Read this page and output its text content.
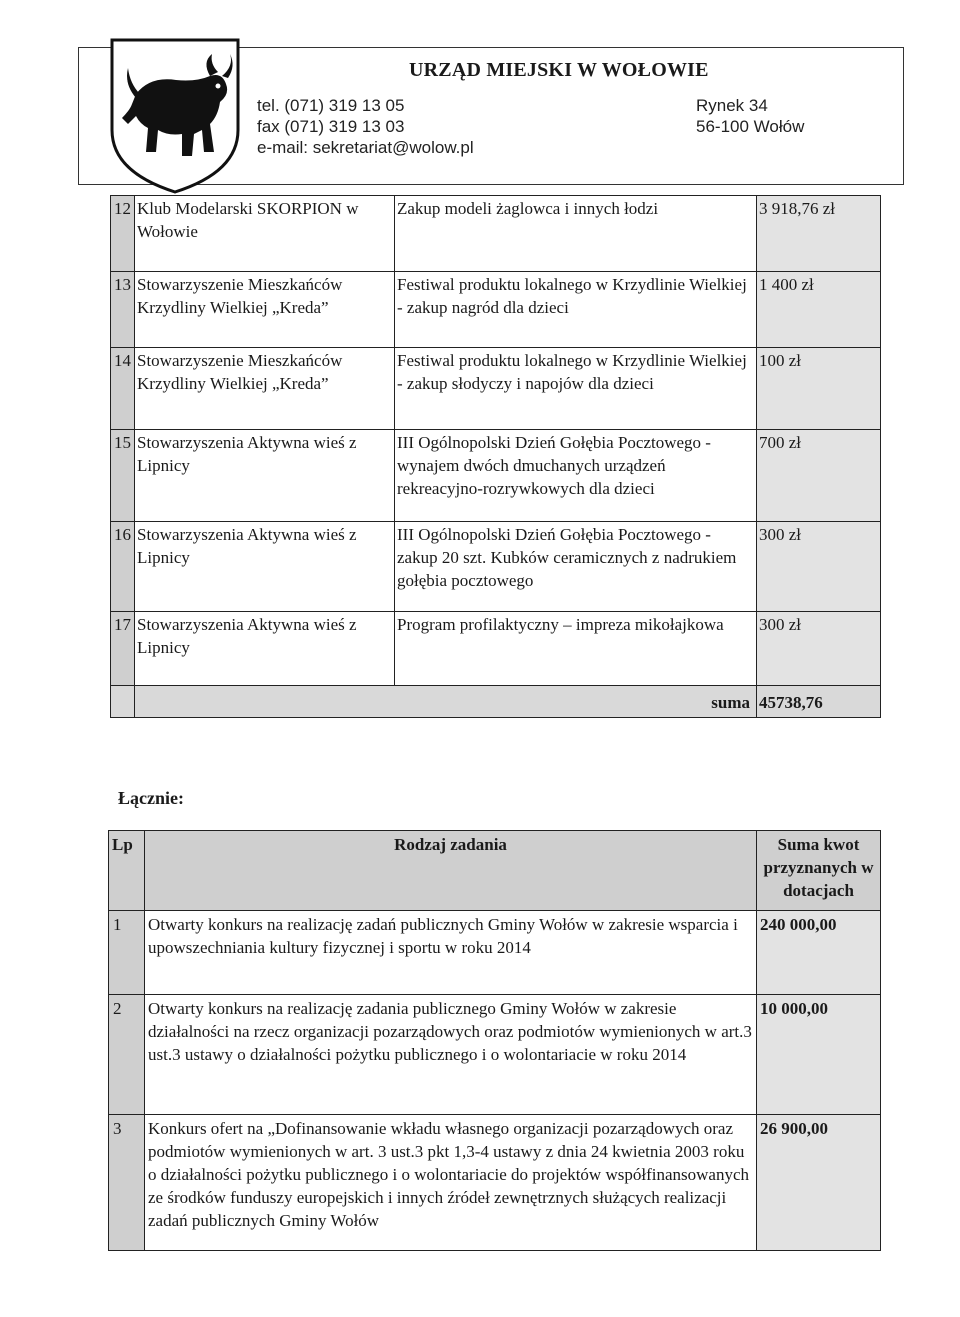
URZĄD MIEJSKI W WOŁOWIE
tel. (071) 319 13 05
fax (071) 319 13 03
e-mail: sekretariat@wolow.pl
Rynek 34
56-100 Wołów
12	Klub Modelarski SKORPION w Wołowie	Zakup modeli żaglowca i innych łodzi	3 918,76 zł
13	Stowarzyszenie Mieszkańców Krzydliny Wielkiej „Kreda”	Festiwal produktu lokalnego w Krzydlinie Wielkiej - zakup nagród dla dzieci	1 400 zł
14	Stowarzyszenie Mieszkańców Krzydliny Wielkiej „Kreda”	Festiwal produktu lokalnego w Krzydlinie Wielkiej - zakup słodyczy i napojów dla dzieci	100 zł
15	Stowarzyszenia Aktywna wieś z Lipnicy	III Ogólnopolski Dzień Gołębia Pocztowego - wynajem dwóch dmuchanych urządzeń rekreacyjno-rozrywkowych dla dzieci	700 zł
16	Stowarzyszenia Aktywna wieś z Lipnicy	III Ogólnopolski Dzień Gołębia Pocztowego - zakup 20 szt. Kubków ceramicznych z nadrukiem gołębia pocztowego	300 zł
17	Stowarzyszenia Aktywna wieś z Lipnicy	Program profilaktyczny – impreza mikołajkowa	300 zł
	suma		45738,76
Łącznie:
Lp	Rodzaj zadania	Suma kwot przyznanych w dotacjach
1	Otwarty konkurs na realizację zadań publicznych Gminy Wołów w zakresie wsparcia i upowszechniania kultury fizycznej i sportu w roku 2014	240 000,00
2	Otwarty konkurs na realizację zadania publicznego Gminy Wołów w zakresie działalności na rzecz organizacji pozarządowych oraz podmiotów wymienionych w art.3 ust.3 ustawy o działalności pożytku publicznego i o wolontariacie w roku 2014	10 000,00
3	Konkurs ofert na „Dofinansowanie wkładu własnego organizacji pozarządowych oraz podmiotów wymienionych w art. 3 ust.3 pkt 1,3-4 ustawy z dnia 24 kwietnia 2003 roku o działalności pożytku publicznego i o wolontariacie do projektów współfinansowanych ze środków funduszy europejskich i innych źródeł zewnętrznych służących realizacji zadań publicznych Gminy Wołów	26 900,00
